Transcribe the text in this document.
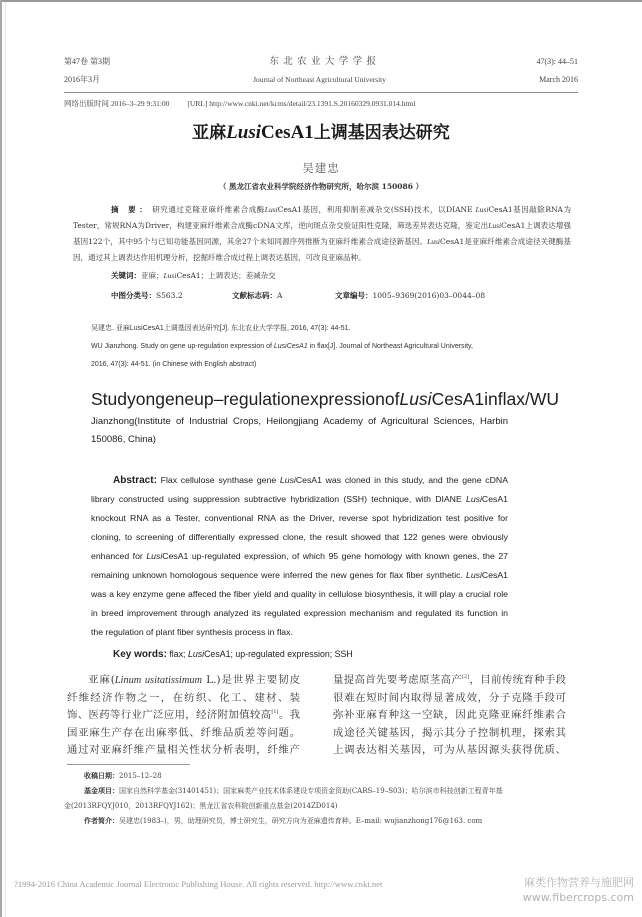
第47卷 第3期	东 北 农 业 大 学 学 报	47(3): 44–51
2016年3月	Journal of Northeast Agricultural University	March 2016
网络出版时间 2016–3–29 9:31:00 [URL] http://www.cnki.net/kcms/detail/23.1391.S.20160329.0931.014.html
亚麻LusiCesA1上调基因表达研究
吴建忠
（ 黑龙江省农业科学院经济作物研究所，哈尔滨 150086 ）
摘 要： 研究通过克隆亚麻纤维素合成酶LusiCesA1基因，利用抑制差减杂交(SSH)技术，以DIANE LusiCesA1基因敲除RNA为Tester，常规RNA为Driver，构建亚麻纤维素合成酶cDNA文库，逆向斑点杂交验证阳性克隆，筛选差异表达克隆，鉴定出LusiCesA1上调表达增强基因122个，其中95个与已知功能基因同源，其余27个未知同源序列推断为亚麻纤维素合成途径新基因。LusiCesA1是亚麻纤维素合成途径关键酶基因，通过其上调表达作用机理分析，挖掘纤维合成过程上调表达基因，可改良亚麻品种。
关键词：亚麻；LusiCesA1；上调表达；差减杂交
中图分类号：S563.2	文献标志码：A	文章编号：1005–9369(2016)03–0044–08
吴建忠. 亚麻LusiCesA1上调基因表达研究[J]. 东北农业大学学报, 2016, 47(3): 44-51.
WU Jianzhong. Study on gene up-regulation expression of LusiCesA1 in flax[J]. Journal of Northeast Agricultural University,
2016, 47(3): 44-51. (in Chinese with English abstract)
Study on gene up–regulation expression of LusiCesA1 in flax/WU
Jianzhong(Institute of Industrial Crops, Heilongjiang Academy of Agricultural Sciences, Harbin
150086, China)
Abstract: Flax cellulose synthase gene LusiCesA1 was cloned in this study, and the gene cDNA library constructed using suppression subtractive hybridization (SSH) technique, with DIANE LusiCesA1 knockout RNA as a Tester, conventional RNA as the Driver, reverse spot hybridization test positive for cloning, to screening of differentially expressed clone, the result showed that 122 genes were obviously enhanced for LusiCesA1 up-regulated expression, of which 95 gene homology with known genes, the 27 remaining unknown homologous sequence were inferred the new genes for flax fiber synthetic. LusiCesA1 was a key enzyme gene affeced the fiber yield and quality in cellulose biosynthesis, it will play a crucial role in breed improvement through analyzed its regulated expression mechanism and regulated its function in the regulation of plant fiber synthesis process in flax.
Key words: flax; LusiCesA1; up-regulated expression; SSH
亚麻(Linum usitatissimum L.)是世界主要韧皮
纤维经济作物之一，在纺织、化工、建材、装
饰、医药等行业广泛应用，经济附加值较高[1]。我
国亚麻生产存在出麻率低、纤维品质差等问题。
通过对亚麻纤维产量相关性状分析表明，纤维产
量提高首先要考虑原茎高产[2]，目前传统育种手段
很难在短时间内取得显著成效，分子克隆手段可
弥补亚麻育种这一空缺，因此克隆亚麻纤维素合
成途径关键基因，揭示其分子控制机理，探索其
上调表达相关基因，可为从基因源头获得优质、
收稿日期：2015–12–28
基金项目：国家自然科学基金(31401451)；国家麻类产业技术体系建设专项资金资助(CARS–19–S03)；哈尔滨市科技创新工程青年基
金(2013RFQYJ010，2013RFQYJ162)；黑龙江省农科院创新重点基金(2014ZD014)
作者简介：吴建忠(1983–)，男，助理研究员，博士研究生，研究方向为亚麻遗传育种。E–mail: wujianzhong176@163. com
?1994-2016 China Academic Journal Electronic Publishing House. All rights reserved. http://www.cnki.net	麻类作物营养与施肥网
www.fibercrops.com
